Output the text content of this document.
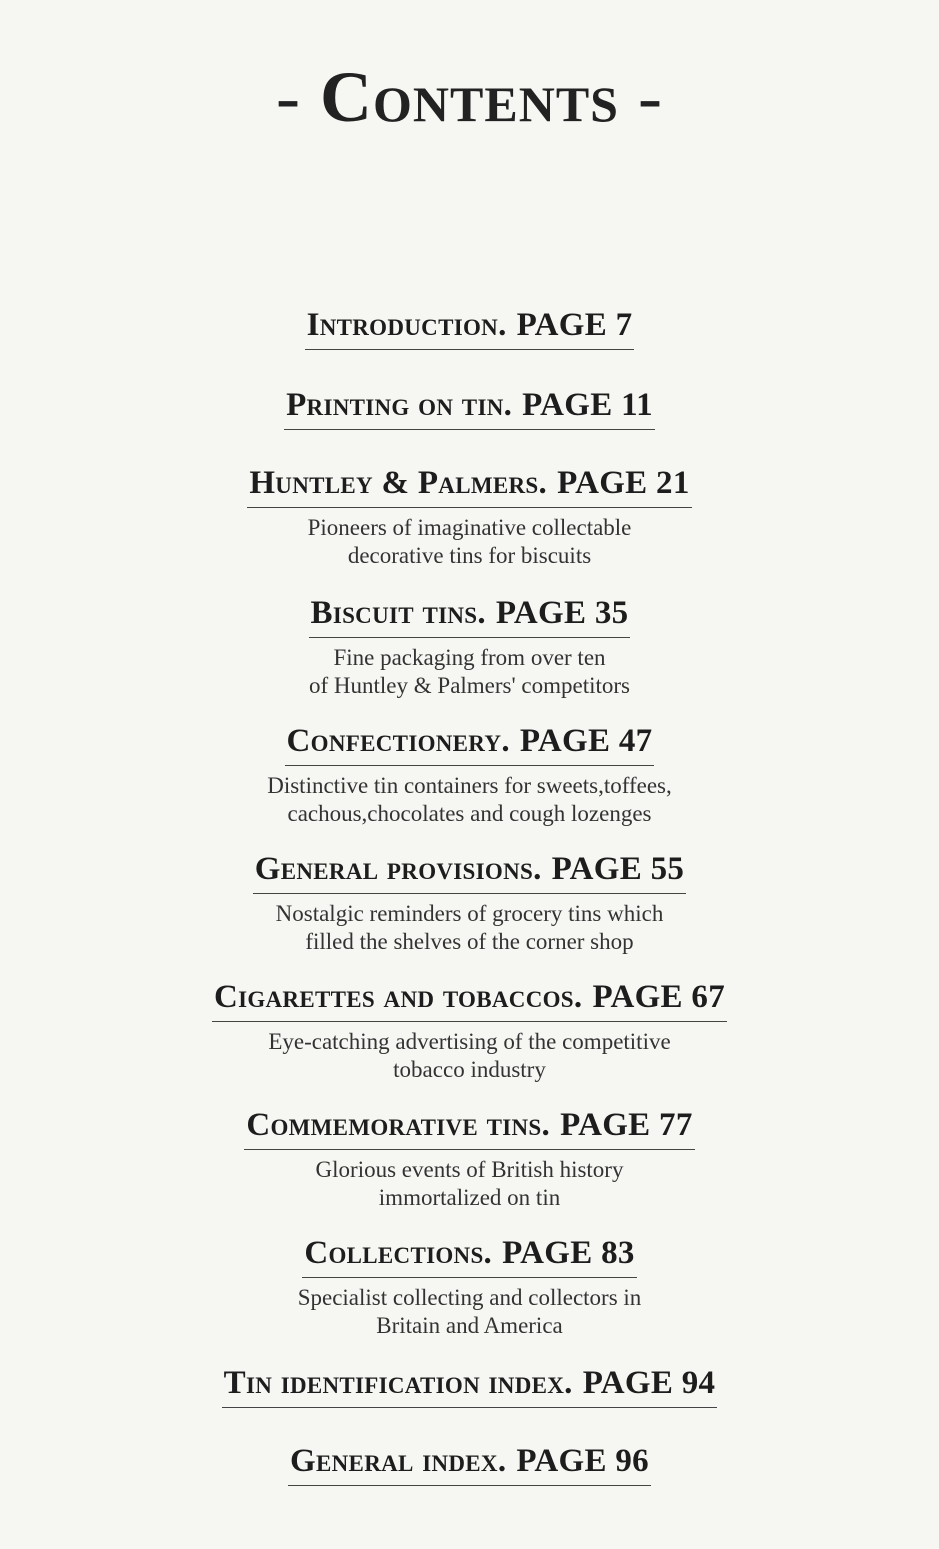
- Contents -
Introduction. PAGE 7
Printing on tin. PAGE 11
Huntley & Palmers. PAGE 21
Pioneers of imaginative collectable
decorative tins for biscuits
Biscuit tins. PAGE 35
Fine packaging from over ten
of Huntley & Palmers' competitors
Confectionery. PAGE 47
Distinctive tin containers for sweets,toffees,
cachous,chocolates and cough lozenges
General provisions. PAGE 55
Nostalgic reminders of grocery tins which
filled the shelves of the corner shop
Cigarettes and tobaccos. PAGE 67
Eye-catching advertising of the competitive
tobacco industry
Commemorative tins. PAGE 77
Glorious events of British history
immortalized on tin
Collections. PAGE 83
Specialist collecting and collectors in
Britain and America
Tin identification index. PAGE 94
General index. PAGE 96
